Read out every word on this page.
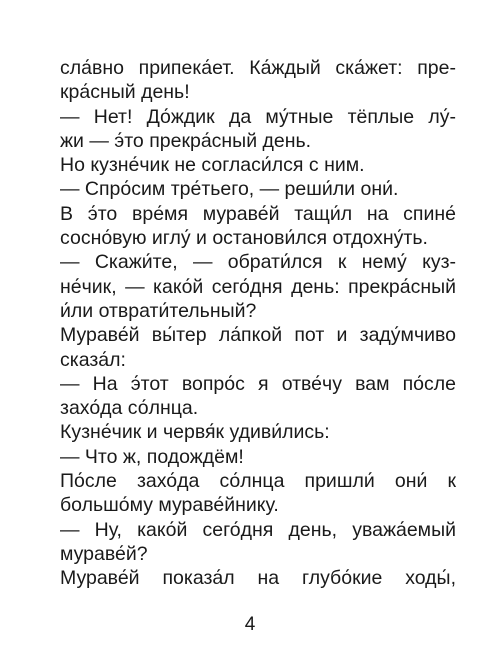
сла́вно припека́ет. Ка́ждый ска́жет: пре-
кра́сный день!
— Нет! До́ждик да му́тные тёплые лу́-
жи — э́то прекра́сный день.
Но кузне́чик не согласи́лся с ним.
— Спро́сим тре́тьего, — реши́ли они́.
В э́то вре́мя мураве́й тащи́л на спине́
сосно́вую иглу́ и останови́лся отдохну́ть.
— Скажи́те, — обрати́лся к нему́ куз-
не́чик, — како́й сего́дня день: прекра́сный
и́ли отврати́тельный?
Мураве́й вы́тер ла́пкой пот и заду́мчиво
сказа́л:
— На э́тот вопро́с я отве́чу вам по́сле
захо́да со́лнца.
Кузне́чик и червя́к удиви́лись:
— Что ж, подождём!
По́сле захо́да со́лнца пришли́ они́ к
большо́му мураве́йнику.
— Ну, како́й сего́дня день, уважа́емый
мураве́й?
Мураве́й показа́л на глубо́кие ходы́,
4
